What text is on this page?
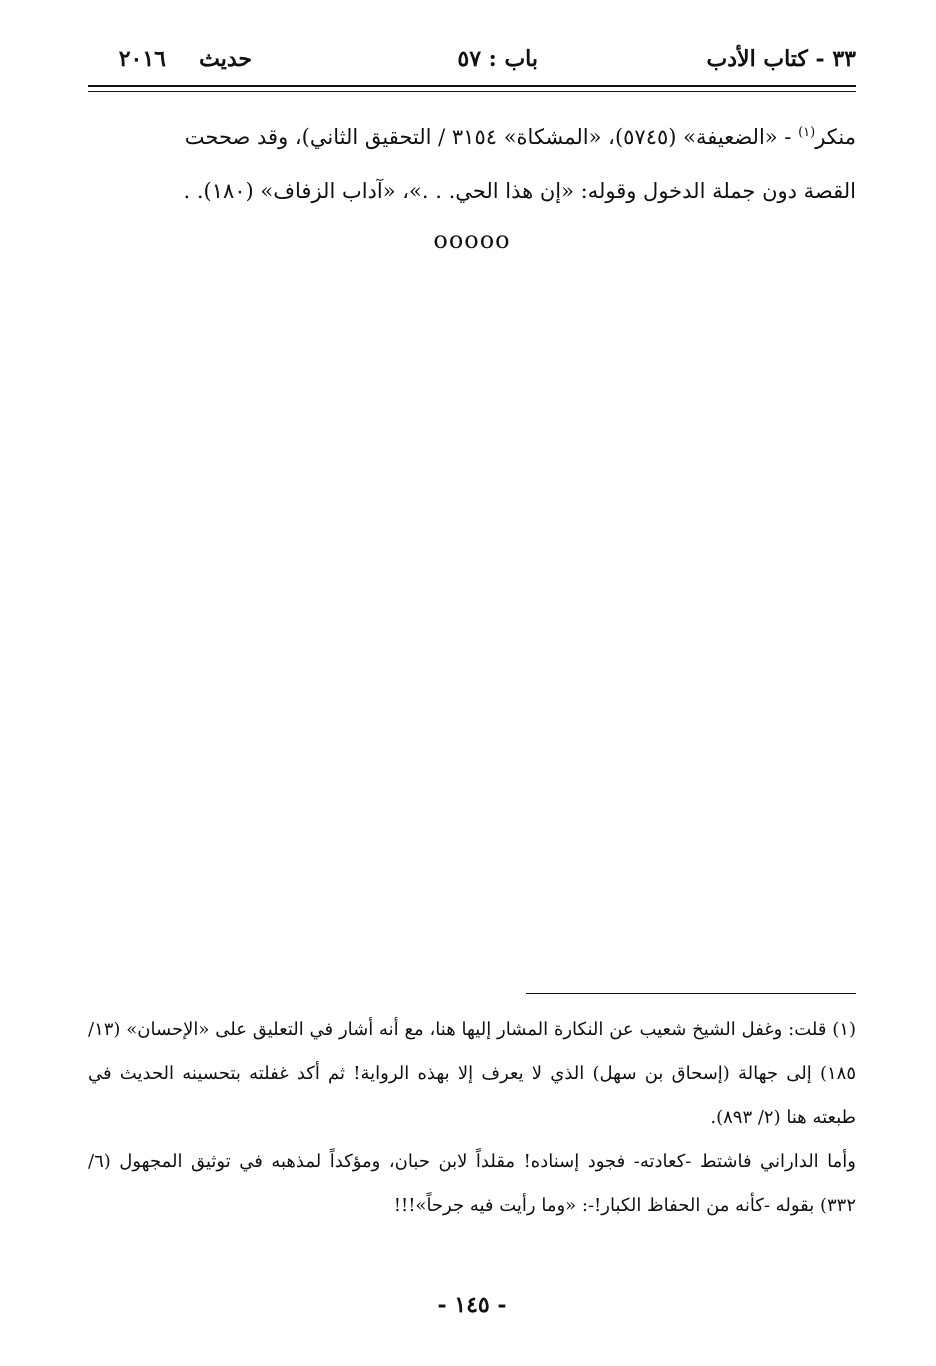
٣٣ - كتاب الأدب
باب : ٥٧
حديث
٢٠١٦

منكر$^{(١)}$ - «الضعيفة» (٥٧٤٥)، «المشكاة» ٣١٥٤ / التحقيق الثاني)، وقد صححت

القصة دون جملة الدخول وقوله: «إن هذا الحي. . .»، «آداب الزفاف» (١٨٠). .

ooooo

(١) قلت: وغفل الشيخ شعيب عن النكارة المشار إليها هنا، مع أنه أشار في التعليق على «الإحسان» (١٣/ ١٨٥) إلى جهالة (إسحاق بن سهل) الذي لا يعرف إلا بهذه الرواية! ثم أكد غفلته بتحسينه الحديث في طبعته هنا (٢/ ٨٩٣).

وأما الداراني فاشتط -كعادته- فجود إسناده! مقلداً لابن حبان، ومؤكداً لمذهبه في توثيق المجهول (٦/ ٣٣٢) بقوله -كأنه من الحفاظ الكبار!-: «وما رأيت فيه جرحاً»!!!

- ١٤٥ -
